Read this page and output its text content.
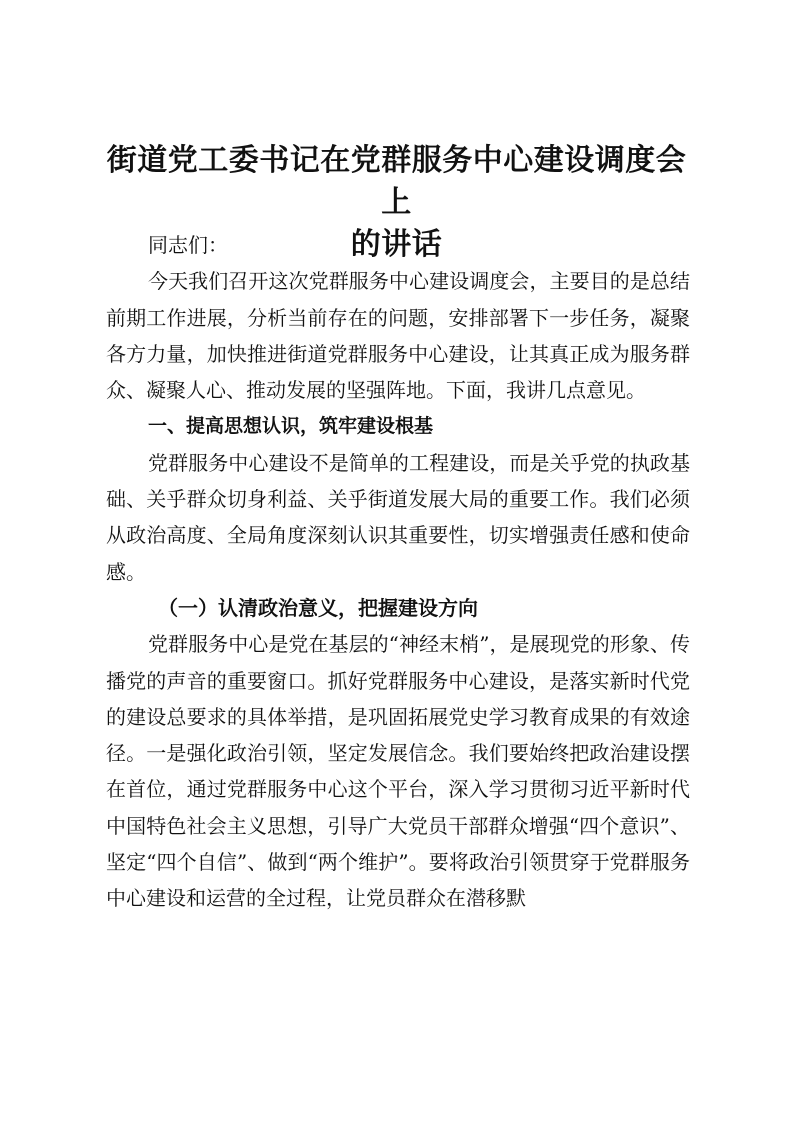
街道党工委书记在党群服务中心建设调度会上
的讲话

同志们：

今天我们召开这次党群服务中心建设调度会，主要目的是总结前期工作进展，分析当前存在的问题，安排部署下一步任务，凝聚各方力量，加快推进街道党群服务中心建设，让其真正成为服务群众、凝聚人心、推动发展的坚强阵地。下面，我讲几点意见。

一、提高思想认识，筑牢建设根基

党群服务中心建设不是简单的工程建设，而是关乎党的执政基础、关乎群众切身利益、关乎街道发展大局的重要工作。我们必须从政治高度、全局角度深刻认识其重要性，切实增强责任感和使命感。

（一）认清政治意义，把握建设方向

党群服务中心是党在基层的“神经末梢”，是展现党的形象、传播党的声音的重要窗口。抓好党群服务中心建设，是落实新时代党的建设总要求的具体举措，是巩固拓展党史学习教育成果的有效途径。一是强化政治引领，坚定发展信念。我们要始终把政治建设摆在首位，通过党群服务中心这个平台，深入学习贯彻习近平新时代中国特色社会主义思想，引导广大党员干部群众增强“四个意识”、坚定“四个自信”、做到“两个维护”。要将政治引领贯穿于党群服务中心建设和运营的全过程，让党员群众在潜移默
